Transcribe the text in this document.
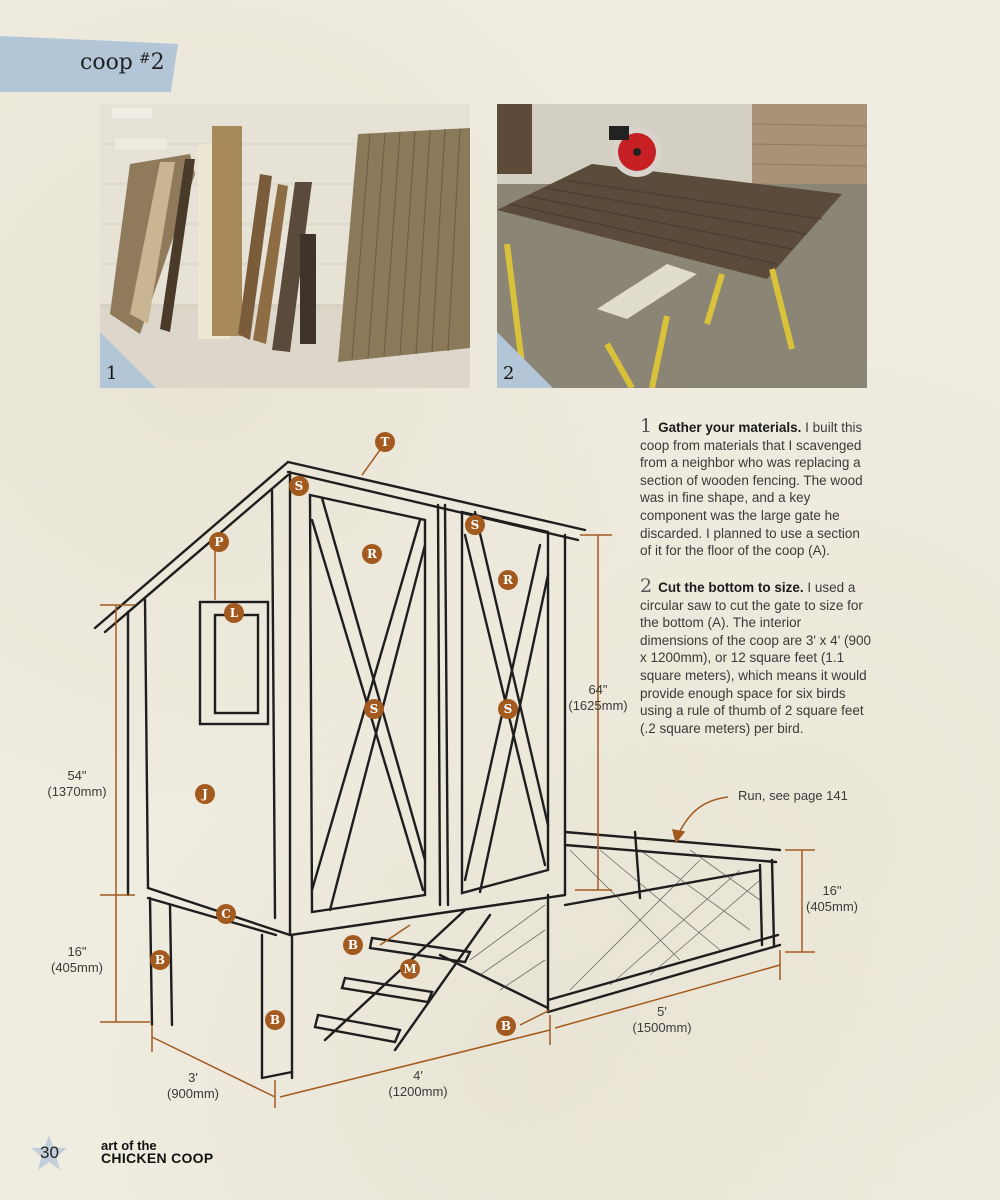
coop #2
1	2
1 Gather your materials. I built this coop from materials that I scavenged from a neighbor who was replacing a section of wooden fencing. The wood was in fine shape, and a key component was the large gate he discarded. I planned to use a section of it for the floor of the coop (A).
2 Cut the bottom to size. I used a circular saw to cut the gate to size for the bottom (A). The interior dimensions of the coop are 3' x 4' (900 x 1200mm), or 12 square feet (1.1 square meters), which means it would provide enough space for six birds using a rule of thumb of 2 square feet (.2 square meters) per bird.
T
S
P
R
S
R
L
S	S
J
C
B
B
M
B	B
54"
(1370mm)
16"
(405mm)
64"
(1625mm)
16"
(405mm)
3'
(900mm)
4'
(1200mm)
5'
(1500mm)
Run, see page 141
30	art of the
CHICKEN COOP
